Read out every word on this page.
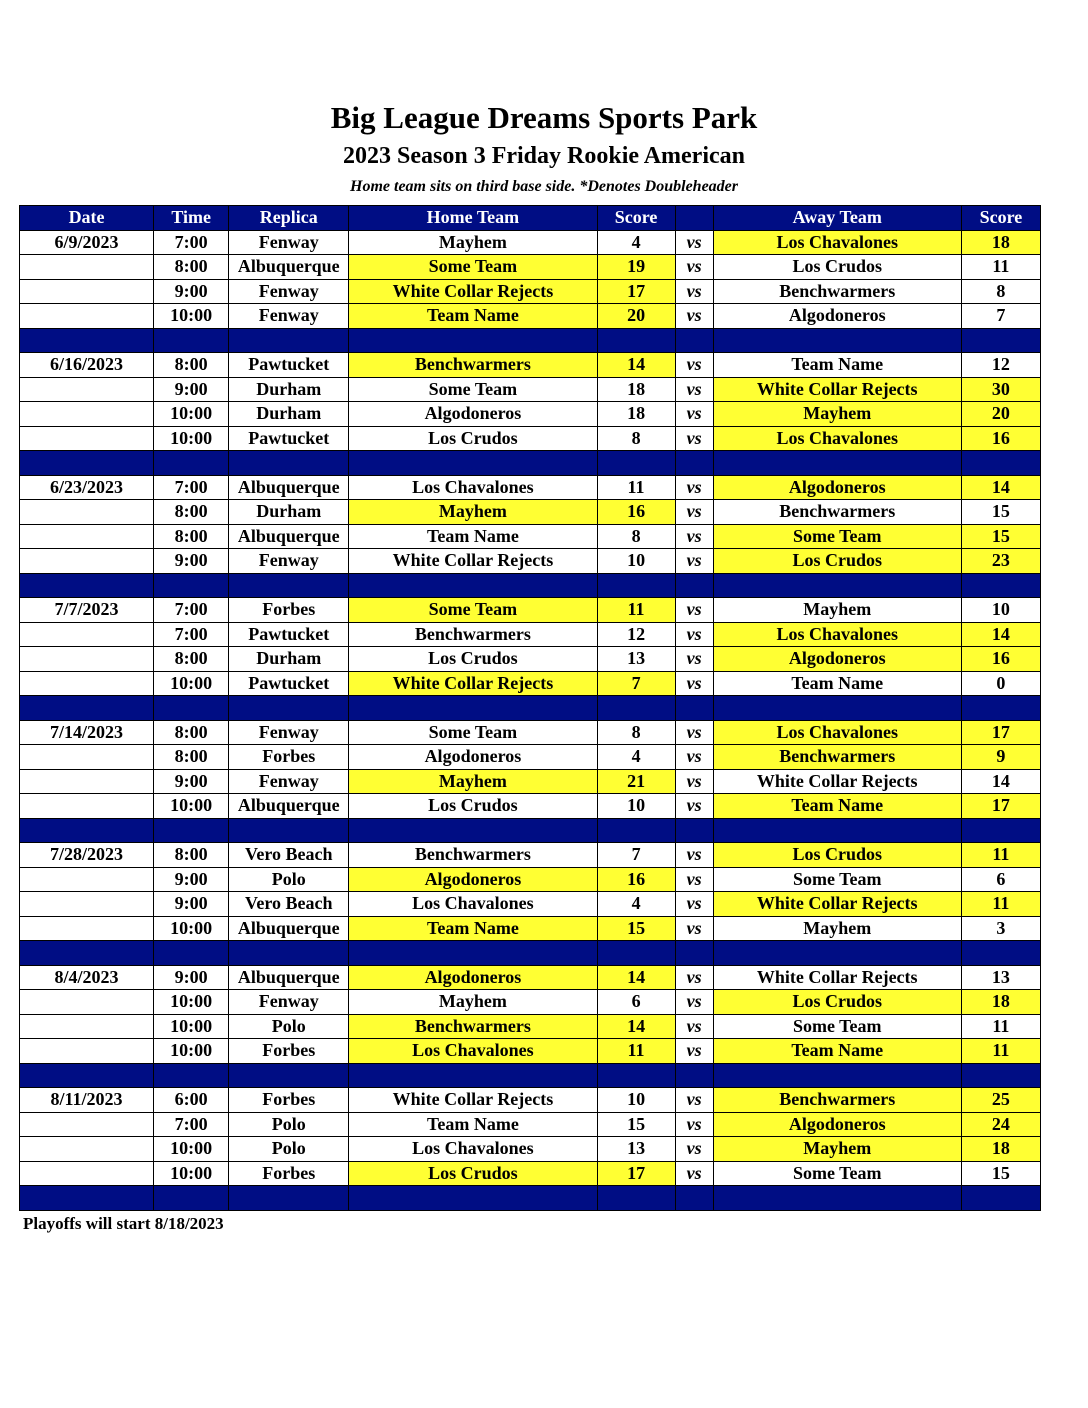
Big League Dreams Sports Park
2023 Season 3 Friday Rookie American
Home team sits on third base side. *Denotes Doubleheader
Date	Time	Replica	Home Team	Score		Away Team	Score
6/9/2023	7:00	Fenway	Mayhem	4	vs	Los Chavalones	18
	8:00	Albuquerque	Some Team	19	vs	Los Crudos	11
	9:00	Fenway	White Collar Rejects	17	vs	Benchwarmers	8
	10:00	Fenway	Team Name	20	vs	Algodoneros	7

6/16/2023	8:00	Pawtucket	Benchwarmers	14	vs	Team Name	12
	9:00	Durham	Some Team	18	vs	White Collar Rejects	30
	10:00	Durham	Algodoneros	18	vs	Mayhem	20
	10:00	Pawtucket	Los Crudos	8	vs	Los Chavalones	16

6/23/2023	7:00	Albuquerque	Los Chavalones	11	vs	Algodoneros	14
	8:00	Durham	Mayhem	16	vs	Benchwarmers	15
	8:00	Albuquerque	Team Name	8	vs	Some Team	15
	9:00	Fenway	White Collar Rejects	10	vs	Los Crudos	23

7/7/2023	7:00	Forbes	Some Team	11	vs	Mayhem	10
	7:00	Pawtucket	Benchwarmers	12	vs	Los Chavalones	14
	8:00	Durham	Los Crudos	13	vs	Algodoneros	16
	10:00	Pawtucket	White Collar Rejects	7	vs	Team Name	0

7/14/2023	8:00	Fenway	Some Team	8	vs	Los Chavalones	17
	8:00	Forbes	Algodoneros	4	vs	Benchwarmers	9
	9:00	Fenway	Mayhem	21	vs	White Collar Rejects	14
	10:00	Albuquerque	Los Crudos	10	vs	Team Name	17

7/28/2023	8:00	Vero Beach	Benchwarmers	7	vs	Los Crudos	11
	9:00	Polo	Algodoneros	16	vs	Some Team	6
	9:00	Vero Beach	Los Chavalones	4	vs	White Collar Rejects	11
	10:00	Albuquerque	Team Name	15	vs	Mayhem	3

8/4/2023	9:00	Albuquerque	Algodoneros	14	vs	White Collar Rejects	13
	10:00	Fenway	Mayhem	6	vs	Los Crudos	18
	10:00	Polo	Benchwarmers	14	vs	Some Team	11
	10:00	Forbes	Los Chavalones	11	vs	Team Name	11

8/11/2023	6:00	Forbes	White Collar Rejects	10	vs	Benchwarmers	25
	7:00	Polo	Team Name	15	vs	Algodoneros	24
	10:00	Polo	Los Chavalones	13	vs	Mayhem	18
	10:00	Forbes	Los Crudos	17	vs	Some Team	15

Playoffs will start 8/18/2023
